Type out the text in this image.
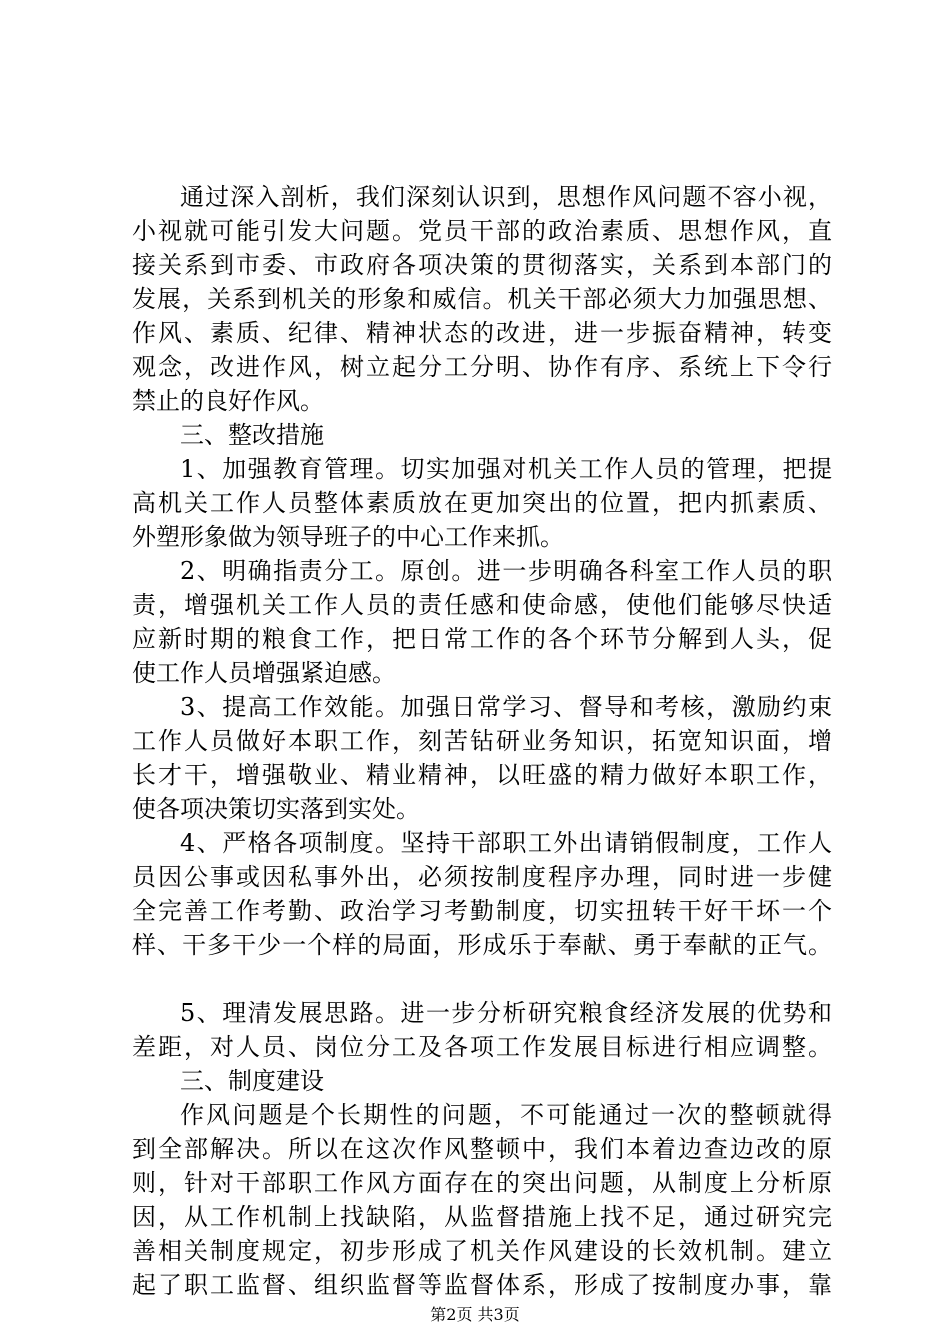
通过深入剖析，我们深刻认识到，思想作风问题不容小视，
小视就可能引发大问题。党员干部的政治素质、思想作风，直
接关系到市委、市政府各项决策的贯彻落实，关系到本部门的
发展，关系到机关的形象和威信。机关干部必须大力加强思想、
作风、素质、纪律、精神状态的改进，进一步振奋精神，转变
观念，改进作风，树立起分工分明、协作有序、系统上下令行
禁止的良好作风。
三、整改措施
1、加强教育管理。切实加强对机关工作人员的管理，把提
高机关工作人员整体素质放在更加突出的位置，把内抓素质、
外塑形象做为领导班子的中心工作来抓。
2、明确指责分工。原创。进一步明确各科室工作人员的职
责，增强机关工作人员的责任感和使命感，使他们能够尽快适
应新时期的粮食工作，把日常工作的各个环节分解到人头，促
使工作人员增强紧迫感。
3、提高工作效能。加强日常学习、督导和考核，激励约束
工作人员做好本职工作，刻苦钻研业务知识，拓宽知识面，增
长才干，增强敬业、精业精神，以旺盛的精力做好本职工作，
使各项决策切实落到实处。
4、严格各项制度。坚持干部职工外出请销假制度，工作人
员因公事或因私事外出，必须按制度程序办理，同时进一步健
全完善工作考勤、政治学习考勤制度，切实扭转干好干坏一个
样、干多干少一个样的局面，形成乐于奉献、勇于奉献的正气。
5、理清发展思路。进一步分析研究粮食经济发展的优势和
差距，对人员、岗位分工及各项工作发展目标进行相应调整。
三、制度建设
作风问题是个长期性的问题，不可能通过一次的整顿就得
到全部解决。所以在这次作风整顿中，我们本着边查边改的原
则，针对干部职工作风方面存在的突出问题，从制度上分析原
因，从工作机制上找缺陷，从监督措施上找不足，通过研究完
善相关制度规定，初步形成了机关作风建设的长效机制。建立
起了职工监督、组织监督等监督体系，形成了按制度办事，靠
第2页 共3页
